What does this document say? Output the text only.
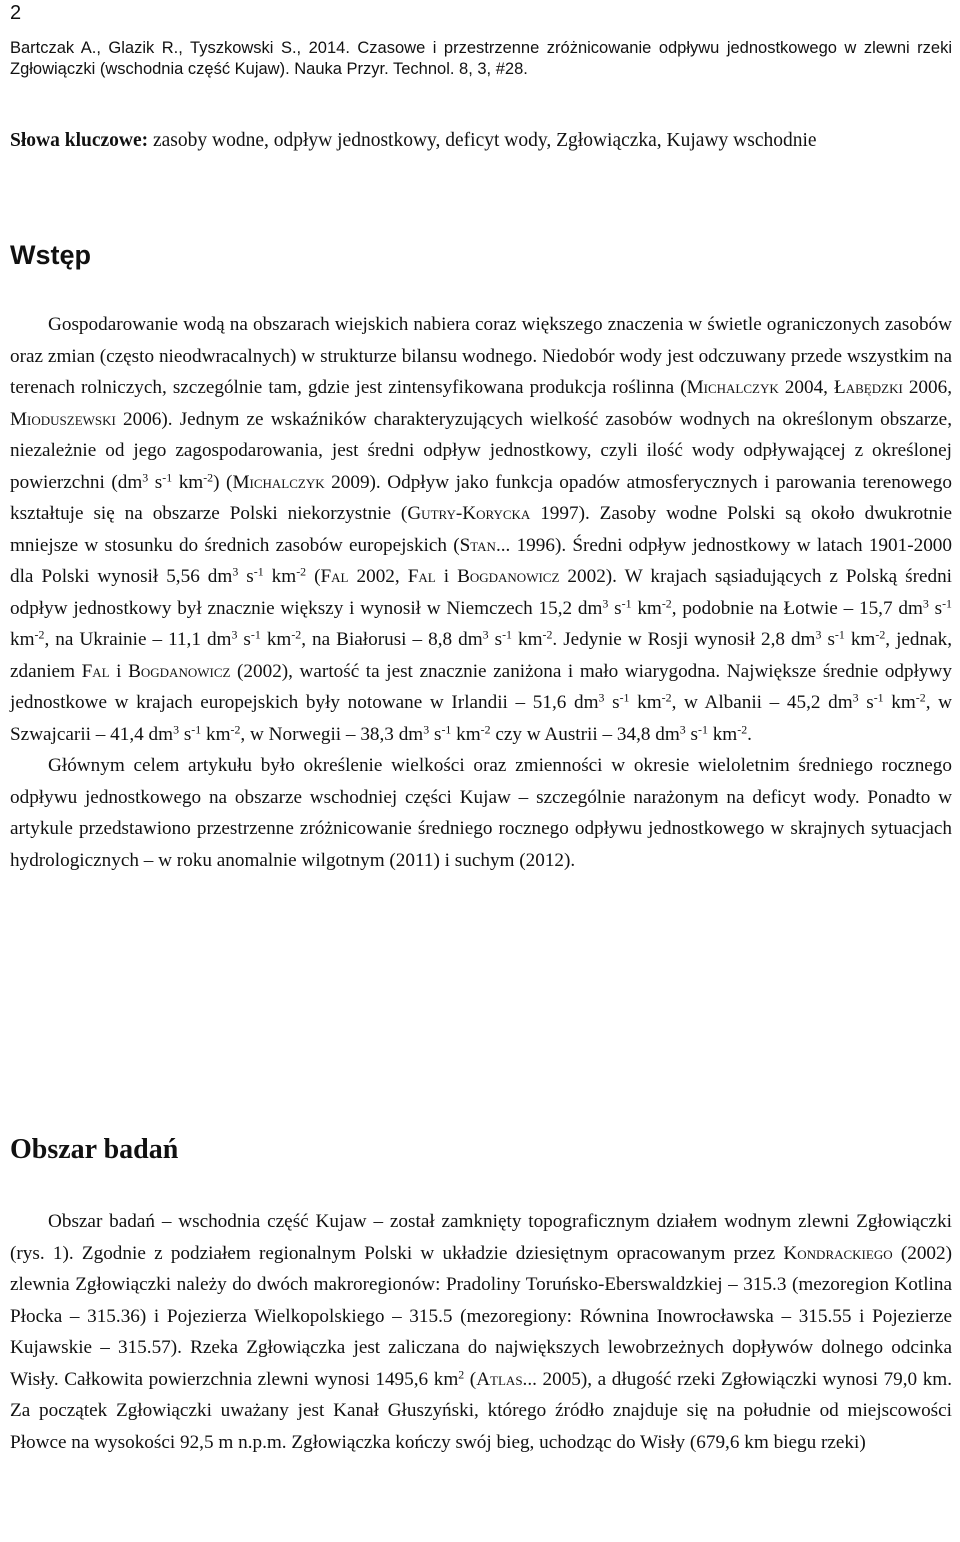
2
Bartczak A., Glazik R., Tyszkowski S., 2014. Czasowe i przestrzenne zróżnicowanie odpływu jednostkowego w zlewni rzeki Zgłowiączki (wschodnia część Kujaw). Nauka Przyr. Technol. 8, 3, #28.
Słowa kluczowe: zasoby wodne, odpływ jednostkowy, deficyt wody, Zgłowiączka, Kujawy wschodnie
Wstęp

Gospodarowanie wodą na obszarach wiejskich nabiera coraz większego znaczenia w świetle ograniczonych zasobów oraz zmian (często nieodwracalnych) w strukturze bilansu wodnego. Niedobór wody jest odczuwany przede wszystkim na terenach rolniczych, szczególnie tam, gdzie jest zintensyfikowana produkcja roślinna (Michalczyk 2004, Łabędzki 2006, Mioduszewski 2006). Jednym ze wskaźników charakteryzujących wielkość zasobów wodnych na określonym obszarze, niezależnie od jego zagospodarowania, jest średni odpływ jednostkowy, czyli ilość wody odpływającej z określonej powierzchni ($dm^3$ $s^{-1}$ $km^{-2}$) (Michalczyk 2009). Odpływ jako funkcja opadów atmosferycznych i parowania terenowego kształtuje się na obszarze Polski niekorzystnie (Gutry-Korycka 1997). Zasoby wodne Polski są około dwukrotnie mniejsze w stosunku do średnich zasobów europejskich (Stan... 1996). Średni odpływ jednostkowy w latach 1901-2000 dla Polski wynosił 5,56 $dm^3$ $s^{-1}$ $km^{-2}$ (Fal 2002, Fal i Bogdanowicz 2002). W krajach sąsiadujących z Polską średni odpływ jednostkowy był znacznie większy i wynosił w Niemczech 15,2 $dm^3$ $s^{-1}$ $km^{-2}$, podobnie na Łotwie – 15,7 $dm^3$ $s^{-1}$ $km^{-2}$, na Ukrainie – 11,1 $dm^3$ $s^{-1}$ $km^{-2}$, na Białorusi – 8,8 $dm^3$ $s^{-1}$ $km^{-2}$. Jedynie w Rosji wynosił 2,8 $dm^3$ $s^{-1}$ $km^{-2}$, jednak, zdaniem Fal i Bogdanowicz (2002), wartość ta jest znacznie zaniżona i mało wiarygodna. Największe średnie odpływy jednostkowe w krajach europejskich były notowane w Irlandii – 51,6 $dm^3$ $s^{-1}$ $km^{-2}$, w Albanii – 45,2 $dm^3$ $s^{-1}$ $km^{-2}$, w Szwajcarii – 41,4 $dm^3$ $s^{-1}$ $km^{-2}$, w Norwegii – 38,3 $dm^3$ $s^{-1}$ $km^{-2}$ czy w Austrii – 34,8 $dm^3$ $s^{-1}$ $km^{-2}$.

Głównym celem artykułu było określenie wielkości oraz zmienności w okresie wieloletnim średniego rocznego odpływu jednostkowego na obszarze wschodniej części Kujaw – szczególnie narażonym na deficyt wody. Ponadto w artykule przedstawiono przestrzenne zróżnicowanie średniego rocznego odpływu jednostkowego w skrajnych sytuacjach hydrologicznych – w roku anomalnie wilgotnym (2011) i suchym (2012).

Obszar badań

Obszar badań – wschodnia część Kujaw – został zamknięty topograficznym działem wodnym zlewni Zgłowiączki (rys. 1). Zgodnie z podziałem regionalnym Polski w układzie dziesiętnym opracowanym przez Kondrackiego (2002) zlewnia Zgłowiączki należy do dwóch makroregionów: Pradoliny Toruńsko-Eberswaldzkiej – 315.3 (mezoregion Kotlina Płocka – 315.36) i Pojezierza Wielkopolskiego – 315.5 (mezoregiony: Równina Inowrocławska – 315.55 i Pojezierze Kujawskie – 315.57). Rzeka Zgłowiączka jest zaliczana do największych lewobrzeżnych dopływów dolnego odcinka Wisły. Całkowita powierzchnia zlewni wynosi 1495,6 $km^2$ (Atlas... 2005), a długość rzeki Zgłowiączki wynosi 79,0 km. Za początek Zgłowiączki uważany jest Kanał Głuszyński, którego źródło znajduje się na południe od miejscowości Płowce na wysokości 92,5 m n.p.m. Zgłowiączka kończy swój bieg, uchodząc do Wisły (679,6 km biegu rzeki)
